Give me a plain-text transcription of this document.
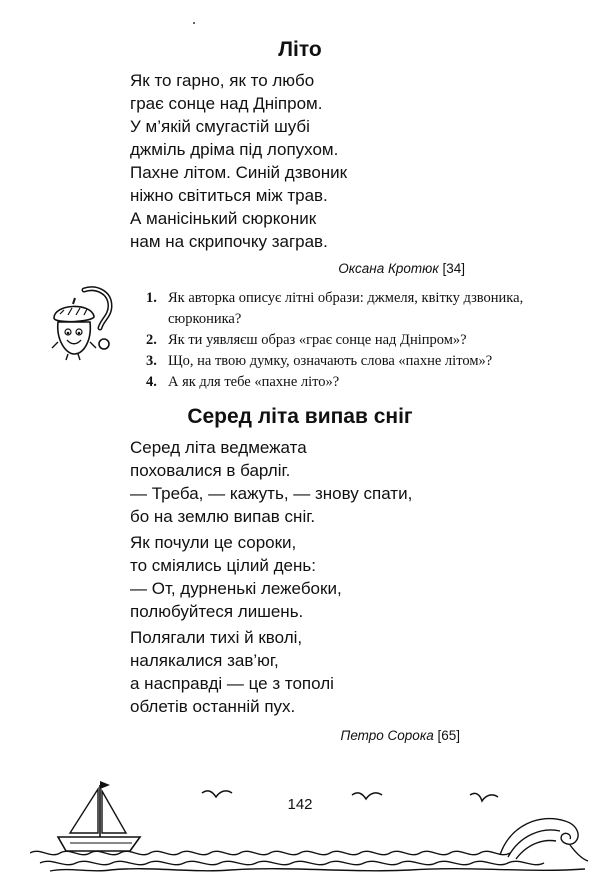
Літо
Як то гарно, як то любо
грає сонце над Дніпром.
У м’якій смугастій шубі
джміль дріма під лопухом.
Пахне літом. Синій дзвоник
ніжно світиться між трав.
А манісінький сюрконик
нам на скрипочку заграв.
Оксана Кротюк [34]
1. Як авторка описує літні образи: джмеля, квітку дзвоника, сюрконика?
2. Як ти уявляєш образ «грає сонце над Дніпром»?
3. Що, на твою думку, означають слова «пахне літом»?
4. А як для тебе «пахне літо»?
Серед літа випав сніг
Серед літа ведмежата
поховалися в барліг.
— Треба, — кажуть, — знову спати,
бо на землю випав сніг.
Як почули це сороки,
то сміялись цілий день:
— От, дурненькі лежебоки,
полюбуйтеся лишень.
Полягали тихі й кволі,
налякалися зав’юг,
а насправді — це з тополі
облетів останній пух.
Петро Сорока [65]
142
